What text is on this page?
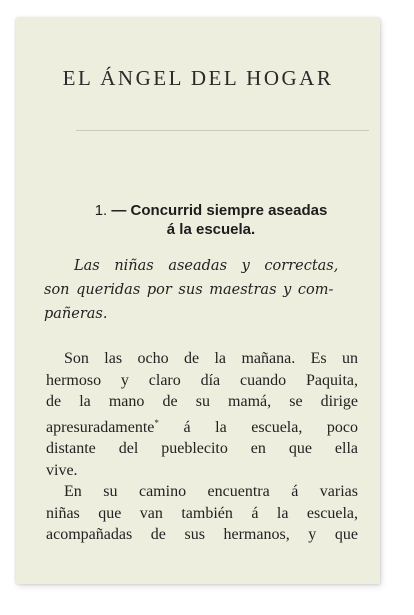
EL ÁNGEL DEL HOGAR
1. — Concurrid siempre aseadas
á la escuela.
Las niñas aseadas y correctas,
son queridas por sus maestras y com-
pañeras.
Son las ocho de la mañana. Es un
hermoso y claro día cuando Paquita,
de la mano de su mamá, se dirige
apresuradamente* á la escuela, poco
distante del pueblecito en que ella
vive.
En su camino encuentra á varias
niñas que van también á la escuela,
acompañadas de sus hermanos, y que
